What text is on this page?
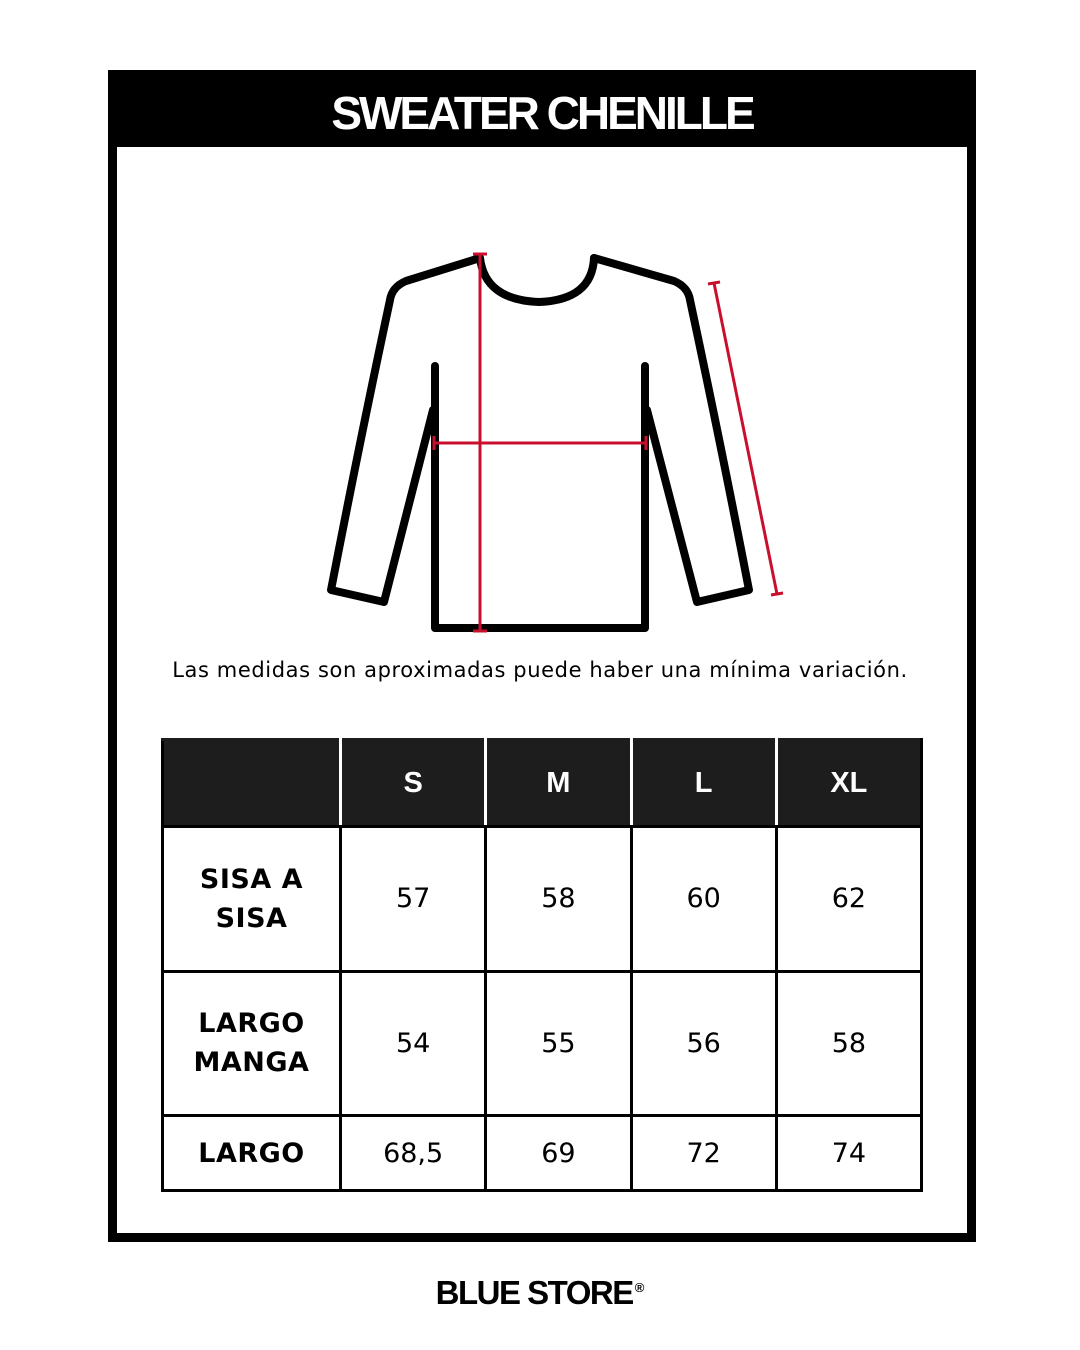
SWEATER CHENILLE
Las medidas son aproximadas puede haber una mínima variación.
	S	M	L	XL

SISA A
SISA	57	58	60	62

LARGO
MANGA	54	55	56	58

LARGO	68,5	69	72	74
BLUE STORE ®
